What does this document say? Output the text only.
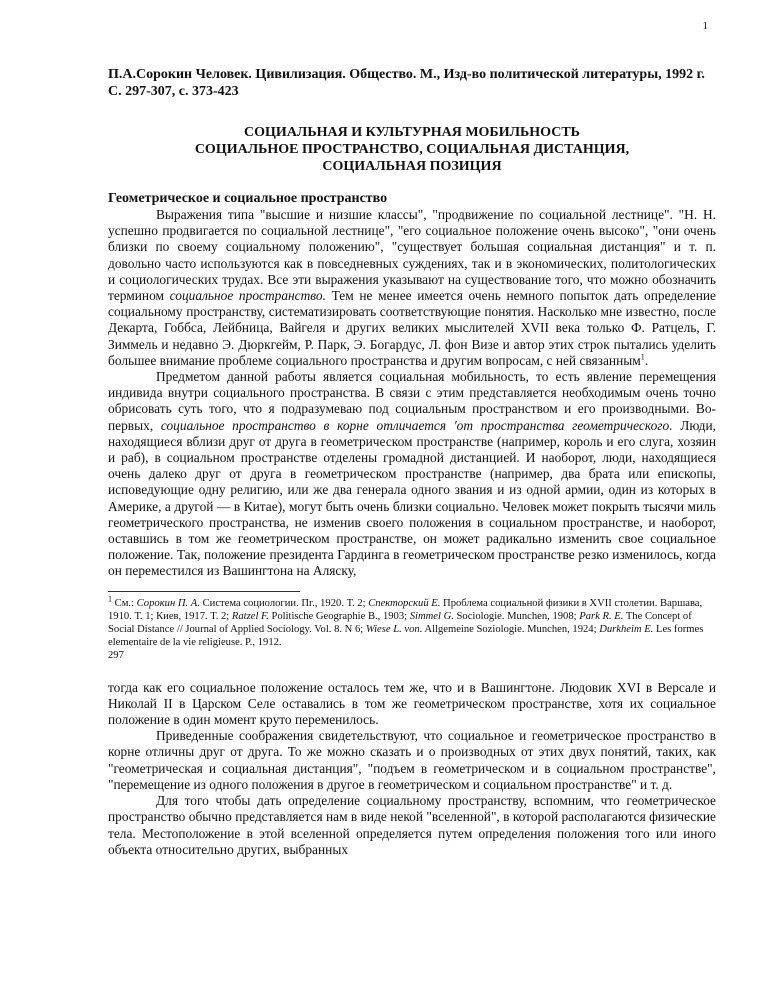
1

П.А.Сорокин Человек. Цивилизация. Общество. М., Изд-во политической литературы, 1992 г. С. 297-307, с. 373-423

СОЦИАЛЬНАЯ И КУЛЬТУРНАЯ МОБИЛЬНОСТЬ
СОЦИАЛЬНОЕ ПРОСТРАНСТВО, СОЦИАЛЬНАЯ ДИСТАНЦИЯ,
СОЦИАЛЬНАЯ ПОЗИЦИЯ

Геометрическое и социальное пространство

Выражения типа "высшие и низшие классы", "продвижение по социальной лестнице". "Н. Н. успешно продвигается по социальной лестнице", "его социальное положение очень высоко", "они очень близки по своему социальному положению", "существует большая социальная дистанция" и т. п. довольно часто используются как в повседневных суждениях, так и в экономических, политологических и социологических трудах. Все эти выражения указывают на существование того, что можно обозначить термином социальное пространство. Тем не менее имеется очень немного попыток дать определение социальному пространству, систематизировать соответствующие понятия. Насколько мне известно, после Декарта, Гоббса, Лейбница, Вайгеля и других великих мыслителей XVII века только Ф. Ратцель, Г. Зиммель и недавно Э. Дюркгейм, Р. Парк, Э. Богардус, Л. фон Визе и автор этих строк пытались уделить большее внимание проблеме социального пространства и другим вопросам, с ней связанным$^1$.

Предметом данной работы является социальная мобильность, то есть явление перемещения индивида внутри социального пространства. В связи с этим представляется необходимым очень точно обрисовать суть того, что я подразумеваю под социальным пространством и его производными. Во-первых, социальное пространство в корне отличается 'от пространства геометрического. Люди, находящиеся вблизи друг от друга в геометрическом пространстве (например, король и его слуга, хозяин и раб), в социальном пространстве отделены громадной дистанцией. И наоборот, люди, находящиеся очень далеко друг от друга в геометрическом пространстве (например, два брата или епископы, исповедующие одну религию, или же два генерала одного звания и из одной армии, один из которых в Америке, а другой — в Китае), могут быть очень близки социально. Человек может покрыть тысячи миль геометрического пространства, не изменив своего положения в социальном пространстве, и наоборот, оставшись в том же геометрическом пространстве, он может радикально изменить свое социальное положение. Так, положение президента Гардинга в геометрическом пространстве резко изменилось, когда он переместился из Вашингтона на Аляску,

$^1$ См.: Сорокин П. А. Система социологии. Пг., 1920. Т. 2; Спекторский Е. Проблема социальной физики в XVII столетии. Варшава, 1910. Т. 1; Киев, 1917. Т. 2; Ratzel F. Politische Geographie B., 1903; Simmel G. Sociologie. Munchen, 1908; Park R. E. The Concept of Social Distance // Journal of Applied Sociology. Vol. 8. N 6; Wiese L. von. Allgemeine Soziologie. Munchen, 1924; Durkheim E. Les formes elementaire de la vie religieuse. P., 1912.

297

тогда как его социальное положение осталось тем же, что и в Вашингтоне. Людовик XVI в Версале и Николай II в Царском Селе оставались в том же геометрическом пространстве, хотя их социальное положение в один момент круто переменилось.

Приведенные соображения свидетельствуют, что социальное и геометрическое пространство в корне отличны друг от друга. То же можно сказать и о производных от этих двух понятий, таких, как "геометрическая и социальная дистанция", "подъем в геометрическом и в социальном пространстве", "перемещение из одного положения в другое в геометрическом и социальном пространстве" и т. д.

Для того чтобы дать определение социальному пространству, вспомним, что геометрическое пространство обычно представляется нам в виде некой "вселенной", в которой располагаются физические тела. Местоположение в этой вселенной определяется путем определения положения того или иного объекта относительно других, выбранных
